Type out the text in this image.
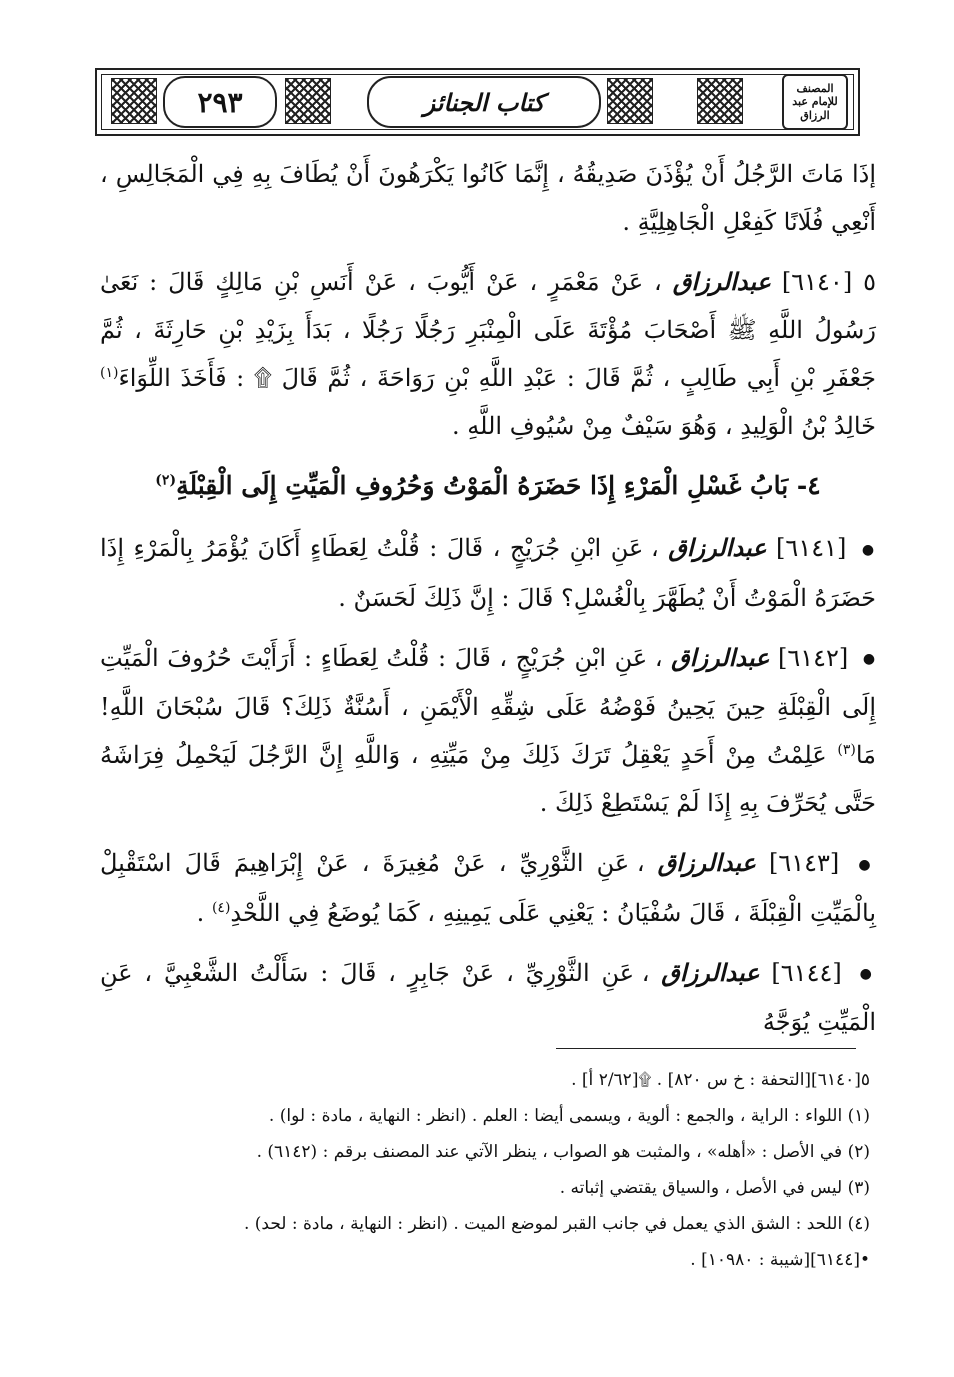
٢٩٣	كتاب الجنائز	المصنف للإمام عبد الرزاق

إذَا مَاتَ الرَّجُلُ أَنْ يُؤْذَنَ صَدِيقُهُ ، إِنَّمَا كَانُوا يَكْرَهُونَ أَنْ يُطَافَ بِهِ فِي الْمَجَالِسِ ، أَنْعِي فُلَانًا كَفِعْلِ الْجَاهِلِيَّةِ .

٥ [٦١٤٠] عبدالرزاق ، عَنْ مَعْمَرٍ ، عَنْ أَيُّوبَ ، عَنْ أَنَسِ بْنِ مَالِكٍ قَالَ : نَعَىٰ رَسُولُ اللَّهِ ﷺ أَصْحَابَ مُؤْتَةَ عَلَى الْمِنْبَرِ رَجُلًا رَجُلًا ، بَدَأَ بِزَيْدِ بْنِ حَارِثَةَ ، ثُمَّ جَعْفَرِ بْنِ أَبِي طَالِبٍ ، ثُمَّ قَالَ : عَبْدِ اللَّهِ بْنِ رَوَاحَةَ ، ثُمَّ قَالَ ۩ : فَأَخَذَ اللِّوَاءَ$^{(١)}$ خَالِدُ بْنُ الْوَلِيدِ ، وَهُوَ سَيْفٌ مِنْ سُيُوفِ اللَّهِ .

٤- بَابُ غَسْلِ الْمَرْءِ إِذَا حَضَرَهُ الْمَوْتُ وَحُرُوفِ الْمَيِّتِ إِلَى الْقِبْلَةِ$^{(٢)}$

● [٦١٤١] عبدالرزاق ، عَنِ ابْنِ جُرَيْجٍ ، قَالَ : قُلْتُ لِعَطَاءٍ أَكَانَ يُؤْمَرُ بِالْمَرْءِ إِذَا حَضَرَهُ الْمَوْتُ أَنْ يُطَهَّرَ بِالْغُسْلِ؟ قَالَ : إِنَّ ذَلِكَ لَحَسَنٌ .

● [٦١٤٢] عبدالرزاق ، عَنِ ابْنِ جُرَيْجٍ ، قَالَ : قُلْتُ لِعَطَاءٍ : أَرَأَيْتَ حُرُوفَ الْمَيِّتِ إِلَى الْقِبْلَةِ حِينَ يَحِينُ فَوْضُهُ عَلَى شِقِّهِ الْأَيْمَنِ ، أَسُنَّةٌ ذَلِكَ؟ قَالَ سُبْحَانَ اللَّهِ! مَا$^{(٣)}$ عَلِمْتُ مِنْ أَحَدٍ يَعْقِلُ تَرَكَ ذَلِكَ مِنْ مَيِّتِهِ ، وَاللَّهِ إِنَّ الرَّجُلَ لَيَحْمِلُ فِرَاشَهُ حَتَّى يُحَرِّفَ بِهِ إِذَا لَمْ يَسْتَطِعْ ذَلِكَ .

● [٦١٤٣] عبدالرزاق ، عَنِ الثَّوْرِيِّ ، عَنْ مُغِيرَةَ ، عَنْ إِبْرَاهِيمَ قَالَ اسْتَقْبِلْ بِالْمَيِّتِ الْقِبْلَةَ ، قَالَ سُفْيَانُ : يَعْنِي عَلَى يَمِينِهِ ، كَمَا يُوضَعُ فِي اللَّحْدِ$^{(٤)}$ .

● [٦١٤٤] عبدالرزاق ، عَنِ الثَّوْرِيِّ ، عَنْ جَابِرٍ ، قَالَ : سَأَلْتُ الشَّعْبِيَّ ، عَنِ الْمَيِّتِ يُوَجَّهُ

٥[٦١٤٠][التحفة : خ س ٨٢٠] . ۩[٢/٦٢ أ] .

(١) اللواء : الراية ، والجمع : ألوية ، ويسمى أيضا : العلم . (انظر : النهاية ، مادة : لوا) .

(٢) في الأصل : «أهله» ، والمثبت هو الصواب ، ينظر الآتي عند المصنف برقم : (٦١٤٢) .

(٣) ليس في الأصل ، والسياق يقتضي إثباته .

(٤) اللحد : الشق الذي يعمل في جانب القبر لموضع الميت . (انظر : النهاية ، مادة : لحد) .

•[٦١٤٤][شيبة : ١٠٩٨٠] .
